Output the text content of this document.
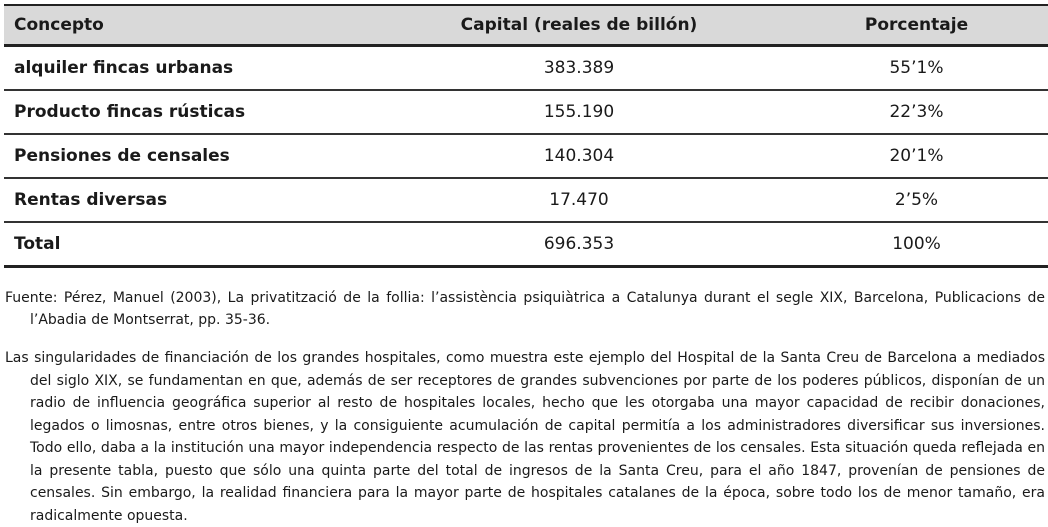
Concepto	Capital (reales de billón)	Porcentaje
alquiler fincas urbanas	383.389	55’1%
Producto fincas rústicas	155.190	22’3%
Pensiones de censales	140.304	20’1%
Rentas diversas	17.470	2’5%
Total	696.353	100%
Fuente: Pérez, Manuel (2003), La privatització de la follia: l’assistència psiquiàtrica a Catalunya durant el segle XIX, Barcelona, Publicacions de l’Abadia de Montserrat, pp. 35-36.
Las singularidades de financiación de los grandes hospitales, como muestra este ejemplo del Hospital de la Santa Creu de Barcelona a mediados del siglo XIX, se fundamentan en que, además de ser receptores de grandes subvenciones por parte de los poderes públicos, disponían de un radio de influencia geográfica superior al resto de hospitales locales, hecho que les otorgaba una mayor capacidad de recibir donaciones, legados o limosnas, entre otros bienes, y la consiguiente acumulación de capital permitía a los administradores diversificar sus inversiones. Todo ello, daba a la institución una mayor independencia respecto de las rentas provenientes de los censales. Esta situación queda reflejada en la presente tabla, puesto que sólo una quinta parte del total de ingresos de la Santa Creu, para el año 1847, provenían de pensiones de censales. Sin embargo, la realidad financiera para la mayor parte de hospitales catalanes de la época, sobre todo los de menor tamaño, era radicalmente opuesta.
